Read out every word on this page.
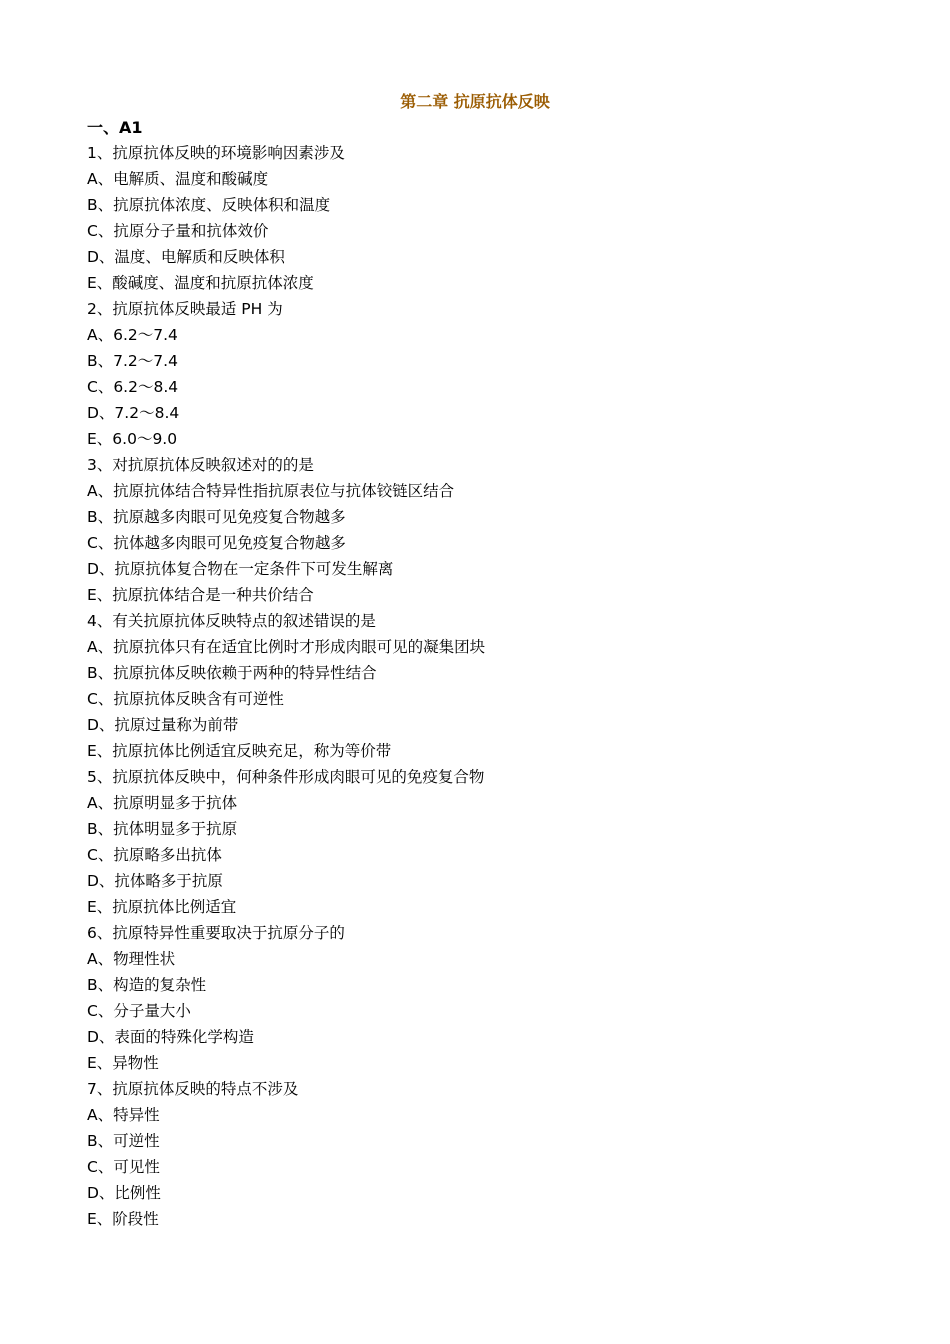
第二章 抗原抗体反映
一、A1
1、抗原抗体反映的环境影响因素涉及
A、电解质、温度和酸碱度
B、抗原抗体浓度、反映体积和温度
C、抗原分子量和抗体效价
D、温度、电解质和反映体积
E、酸碱度、温度和抗原抗体浓度
2、抗原抗体反映最适 PH 为
A、6.2～7.4
B、7.2～7.4
C、6.2～8.4
D、7.2～8.4
E、6.0～9.0
3、对抗原抗体反映叙述对的的是
A、抗原抗体结合特异性指抗原表位与抗体铰链区结合
B、抗原越多肉眼可见免疫复合物越多
C、抗体越多肉眼可见免疫复合物越多
D、抗原抗体复合物在一定条件下可发生解离
E、抗原抗体结合是一种共价结合
4、有关抗原抗体反映特点的叙述错误的是
A、抗原抗体只有在适宜比例时才形成肉眼可见的凝集团块
B、抗原抗体反映依赖于两种的特异性结合
C、抗原抗体反映含有可逆性
D、抗原过量称为前带
E、抗原抗体比例适宜反映充足，称为等价带
5、抗原抗体反映中，何种条件形成肉眼可见的免疫复合物
A、抗原明显多于抗体
B、抗体明显多于抗原
C、抗原略多出抗体
D、抗体略多于抗原
E、抗原抗体比例适宜
6、抗原特异性重要取决于抗原分子的
A、物理性状
B、构造的复杂性
C、分子量大小
D、表面的特殊化学构造
E、异物性
7、抗原抗体反映的特点不涉及
A、特异性
B、可逆性
C、可见性
D、比例性
E、阶段性
